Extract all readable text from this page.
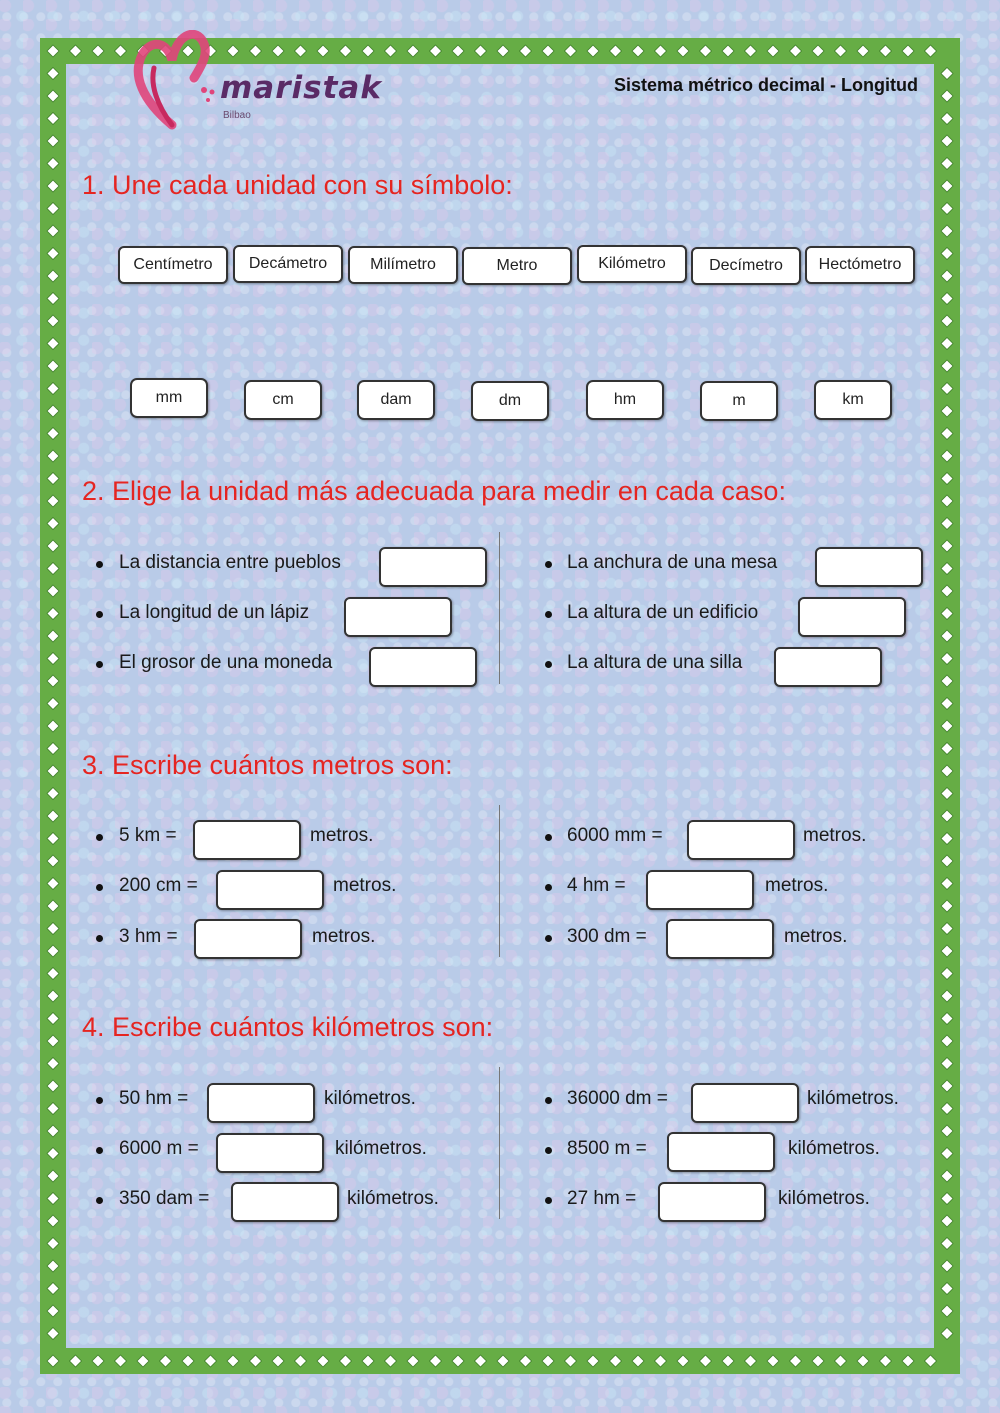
maristak
Bilbao
Sistema métrico decimal - Longitud
1. Une cada unidad con su símbolo:
Centímetro	Decámetro	Milímetro	Metro	Kilómetro	Decímetro	Hectómetro
mm	cm	dam	dm	hm	m	km
2. Elige la unidad más adecuada para medir en cada caso:
La distancia entre pueblos
La longitud de un lápiz
El grosor de una moneda
La anchura de una mesa
La altura de un edificio
La altura de una silla
3. Escribe cuántos metros son:
5 km =	metros.
200 cm =	metros.
3 hm =	metros.
6000 mm =	metros.
4 hm =	metros.
300 dm =	metros.
4. Escribe cuántos kilómetros son:
50 hm =	kilómetros.
6000 m =	kilómetros.
350 dam =	kilómetros.
36000 dm =	kilómetros.
8500 m =	kilómetros.
27 hm =	kilómetros.
